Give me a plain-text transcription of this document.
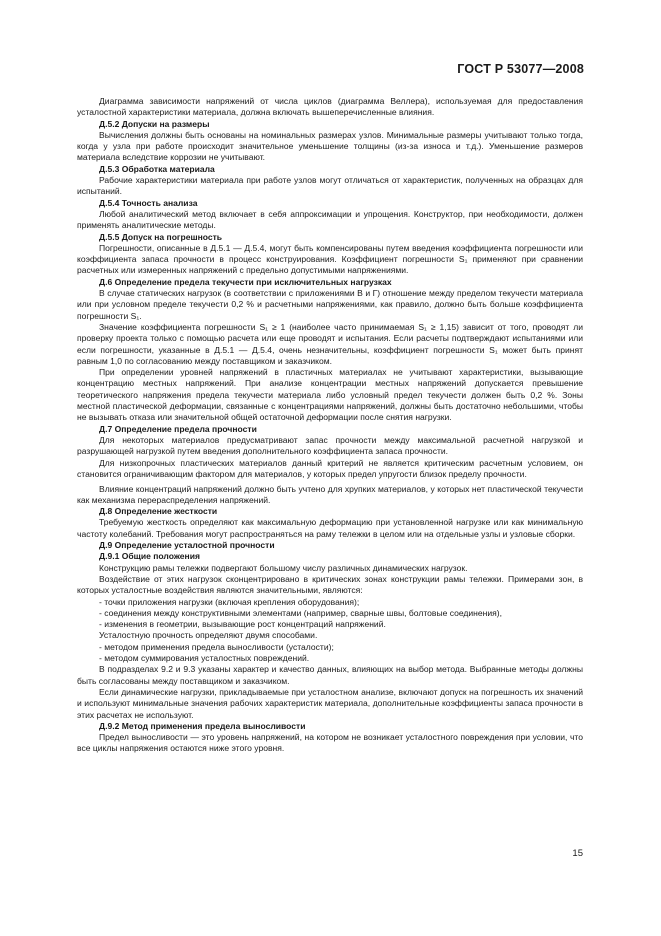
ГОСТ Р 53077—2008

Диаграмма зависимости напряжений от числа циклов (диаграмма Веллера), используемая для предоставления усталостной характеристики материала, должна включать вышеперечисленные влияния.

Д.5.2 Допуски на размеры

Вычисления должны быть основаны на номинальных размерах узлов. Минимальные размеры учитывают только тогда, когда у узла при работе происходит значительное уменьшение толщины (из-за износа и т.д.). Уменьшение размеров материала вследствие коррозии не учитывают.

Д.5.3 Обработка материала

Рабочие характеристики материала при работе узлов могут отличаться от характеристик, полученных на образцах для испытаний.

Д.5.4 Точность анализа

Любой аналитический метод включает в себя аппроксимации и упрощения. Конструктор, при необходимости, должен применять аналитические методы.

Д.5.5 Допуск на погрешность

Погрешности, описанные в Д.5.1 — Д.5.4, могут быть компенсированы путем введения коэффициента погрешности или коэффициента запаса прочности в процесс конструирования. Коэффициент погрешности S₁ применяют при сравнении расчетных или измеренных напряжений с предельно допустимыми напряжениями.

Д.6 Определение предела текучести при исключительных нагрузках

В случае статических нагрузок (в соответствии с приложениями В и Г) отношение между пределом текучести материала или при условном пределе текучести 0,2 % и расчетными напряжениями, как правило, должно быть больше коэффициента погрешности S₁.

Значение коэффициента погрешности S₁ ≥ 1 (наиболее часто принимаемая S₁ ≥ 1,15) зависит от того, проводят ли проверку проекта только с помощью расчета или еще проводят и испытания. Если расчеты подтверждают испытаниями или если погрешности, указанные в Д.5.1 — Д.5.4, очень незначительны, коэффициент погрешности S₁ может быть принят равным 1,0 по согласованию между поставщиком и заказчиком.

При определении уровней напряжений в пластичных материалах не учитывают характеристики, вызывающие концентрацию местных напряжений. При анализе концентрации местных напряжений допускается превышение теоретического напряжения предела текучести материала либо условный предел текучести должен быть 0,2 %. Зоны местной пластической деформации, связанные с концентрациями напряжений, должны быть достаточно небольшими, чтобы не вызывать отказа или значительной общей остаточной деформации после снятия нагрузки.

Д.7 Определение предела прочности

Для некоторых материалов предусматривают запас прочности между максимальной расчетной нагрузкой и разрушающей нагрузкой путем введения дополнительного коэффициента запаса прочности.

Для низкопрочных пластических материалов данный критерий не является критическим расчетным условием, он становится ограничивающим фактором для материалов, у которых предел упругости близок пределу прочности.

Влияние концентраций напряжений должно быть учтено для хрупких материалов, у которых нет пластической текучести как механизма перераспределения напряжений.

Д.8 Определение жесткости

Требуемую жесткость определяют как максимальную деформацию при установленной нагрузке или как минимальную частоту колебаний. Требования могут распространяться на раму тележки в целом или на отдельные узлы и узловые сборки.

Д.9 Определение усталостной прочности

Д.9.1 Общие положения

Конструкцию рамы тележки подвергают большому числу различных динамических нагрузок.

Воздействие от этих нагрузок сконцентрировано в критических зонах конструкции рамы тележки. Примерами зон, в которых усталостные воздействия являются значительными, являются:

- точки приложения нагрузки (включая крепления оборудования);

- соединения между конструктивными элементами (например, сварные швы, болтовые соединения),

- изменения в геометрии, вызывающие рост концентраций напряжений.

Усталостную прочность определяют двумя способами.

- методом применения предела выносливости (усталости);

- методом суммирования усталостных повреждений.

В подразделах 9.2 и 9.3 указаны характер и качество данных, влияющих на выбор метода. Выбранные методы должны быть согласованы между поставщиком и заказчиком.

Если динамические нагрузки, прикладываемые при усталостном анализе, включают допуск на погрешность их значений и используют минимальные значения рабочих характеристик материала, дополнительные коэффициенты запаса прочности в этих расчетах не используют.

Д.9.2 Метод применения предела выносливости

Предел выносливости — это уровень напряжений, на котором не возникает усталостного повреждения при условии, что все циклы напряжения остаются ниже этого уровня.

15
